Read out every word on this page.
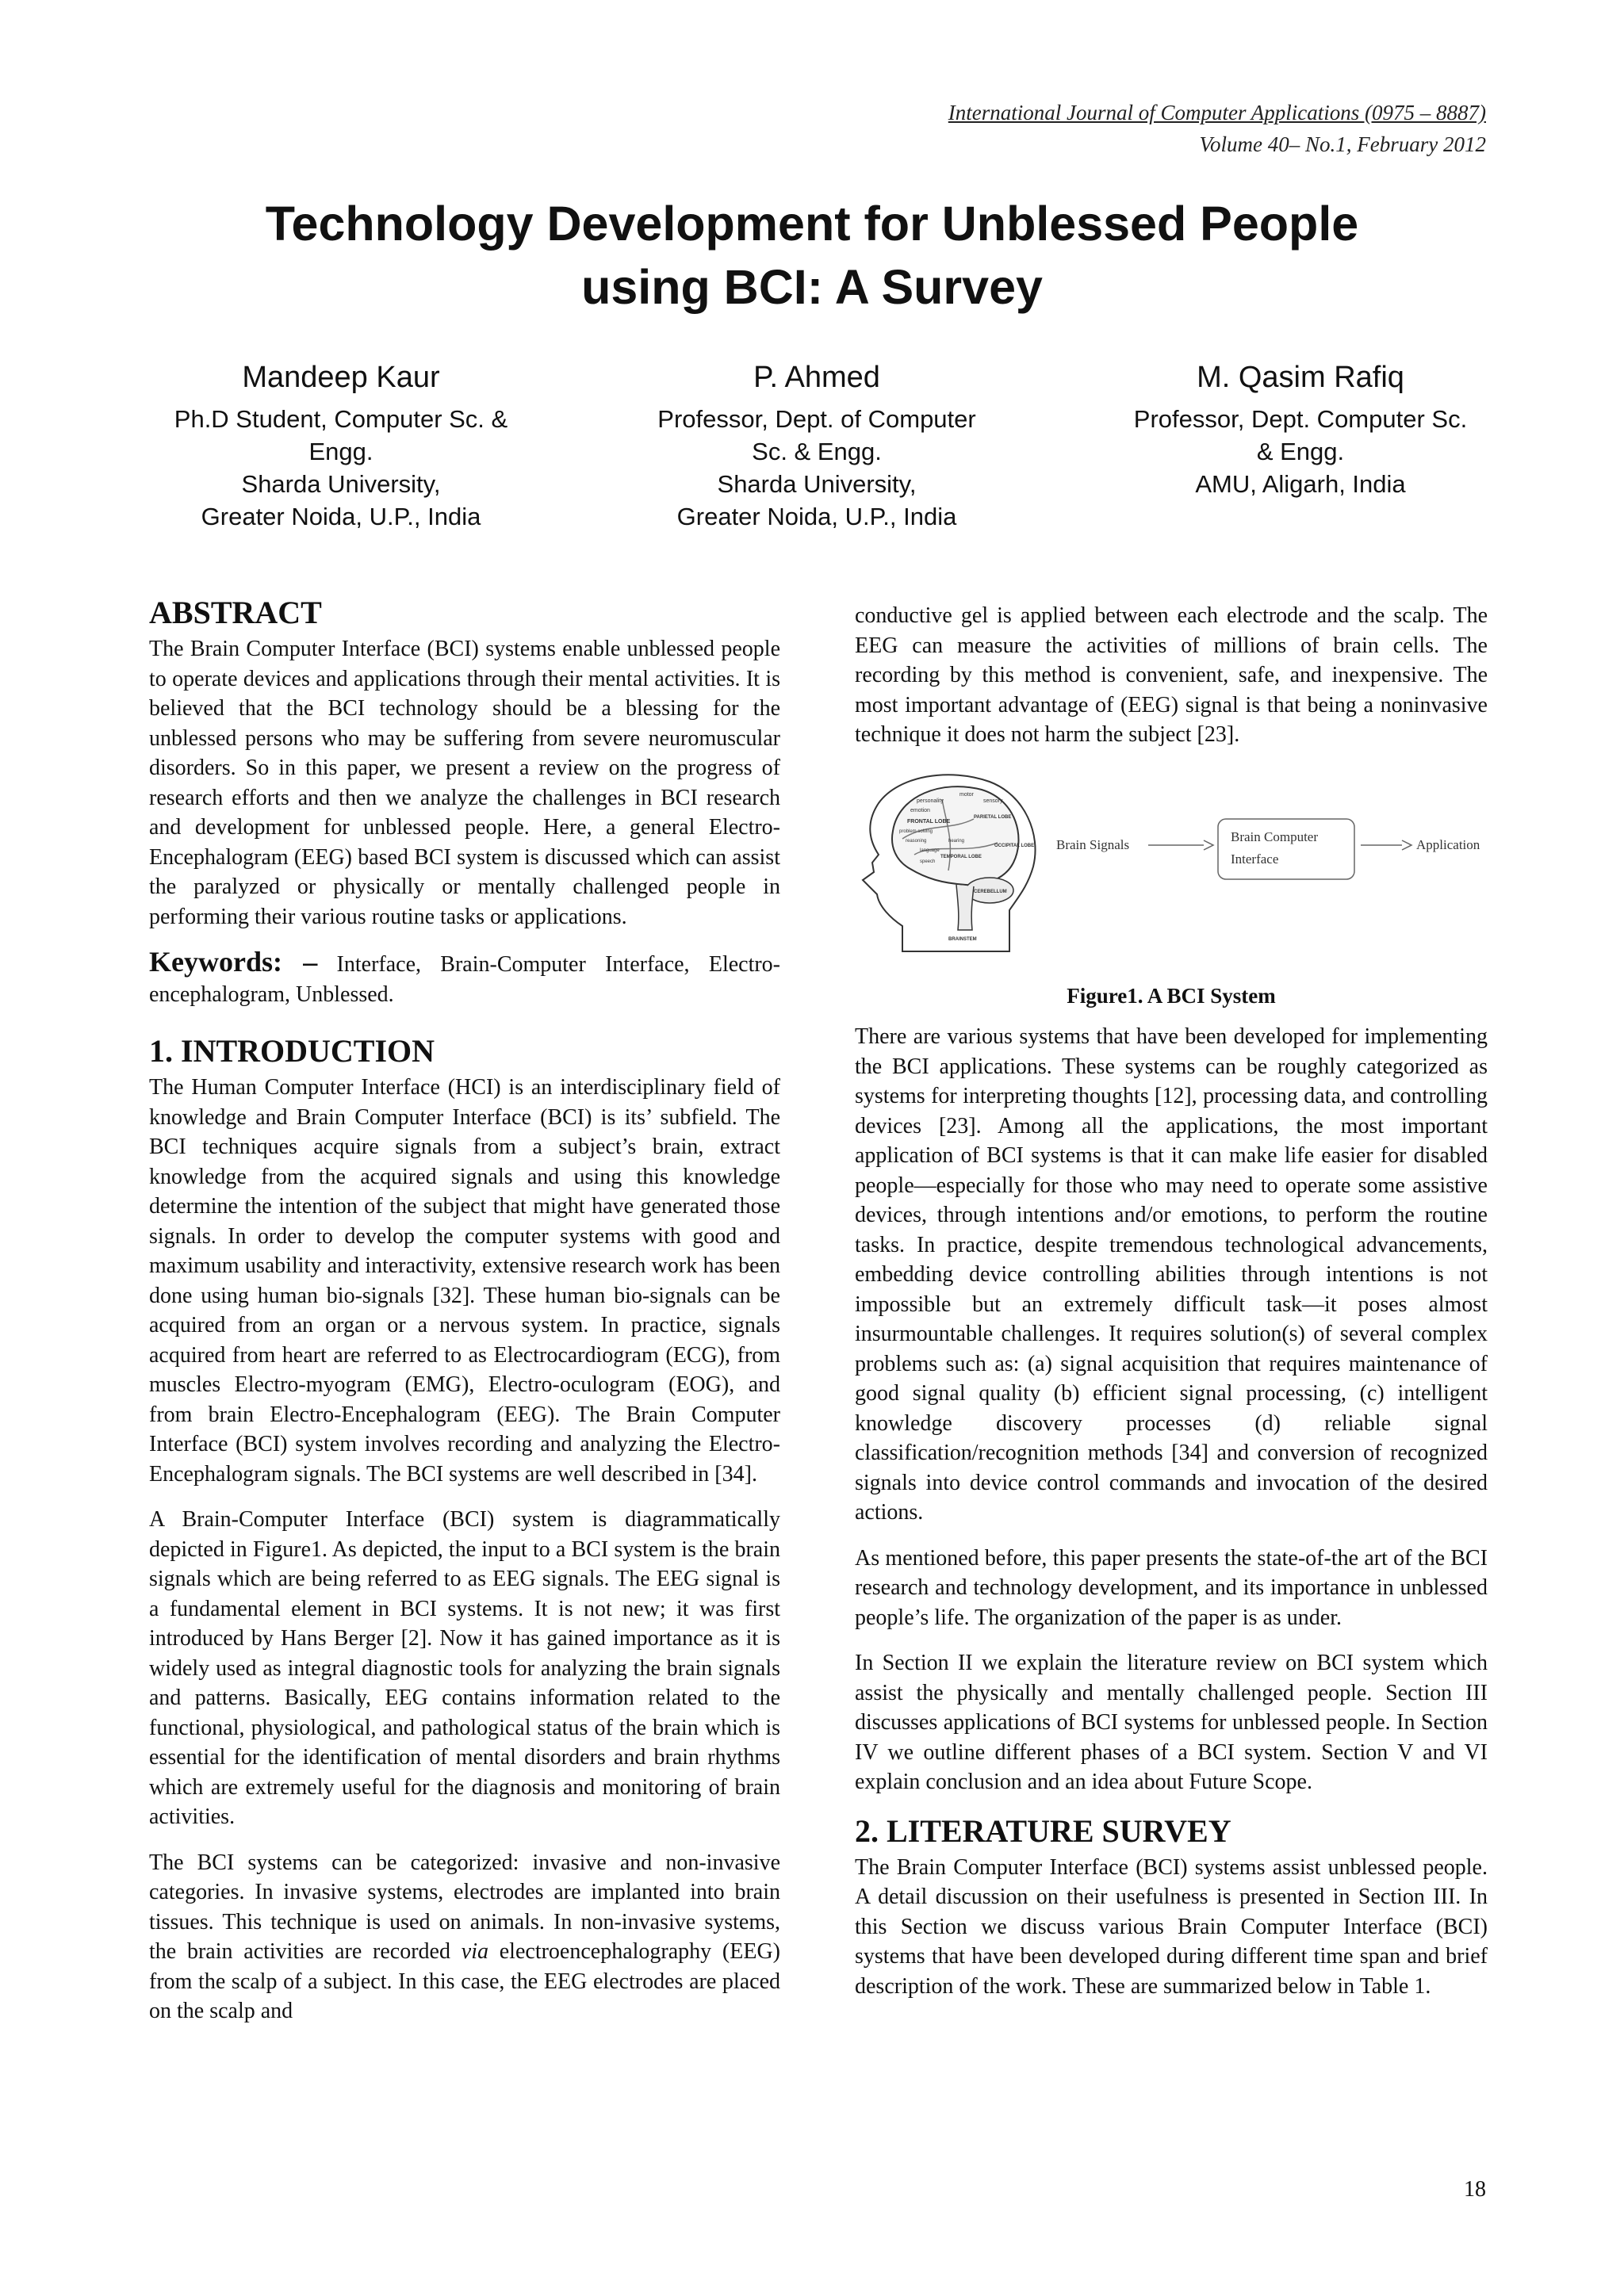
International Journal of Computer Applications (0975 – 8887)
Volume 40– No.1, February 2012
Technology Development for Unblessed People
using BCI: A Survey
Mandeep Kaur
Ph.D Student, Computer Sc. &
Engg.
Sharda University,
Greater Noida, U.P., India
P. Ahmed
Professor, Dept. of Computer
Sc. & Engg.
Sharda University,
Greater Noida, U.P., India
M. Qasim Rafiq
Professor, Dept. Computer Sc.
& Engg.
AMU, Aligarh, India
ABSTRACT

The Brain Computer Interface (BCI) systems enable unblessed people to operate devices and applications through their mental activities. It is believed that the BCI technology should be a blessing for the unblessed persons who may be suffering from severe neuromuscular disorders. So in this paper, we present a review on the progress of research efforts and then we analyze the challenges in BCI research and development for unblessed people. Here, a general Electro-Encephalogram (EEG) based BCI system is discussed which can assist the paralyzed or physically or mentally challenged people in performing their various routine tasks or applications.

Keywords: – Interface, Brain-Computer Interface, Electro-encephalogram, Unblessed.

1. INTRODUCTION

The Human Computer Interface (HCI) is an interdisciplinary field of knowledge and Brain Computer Interface (BCI) is its’ subfield. The BCI techniques acquire signals from a subject’s brain, extract knowledge from the acquired signals and using this knowledge determine the intention of the subject that might have generated those signals. In order to develop the computer systems with good and maximum usability and interactivity, extensive research work has been done using human bio-signals [32]. These human bio-signals can be acquired from an organ or a nervous system. In practice, signals acquired from heart are referred to as Electrocardiogram (ECG), from muscles Electro-myogram (EMG), Electro-oculogram (EOG), and from brain Electro-Encephalogram (EEG). The Brain Computer Interface (BCI) system involves recording and analyzing the Electro-Encephalogram signals. The BCI systems are well described in [34].

A Brain-Computer Interface (BCI) system is diagrammatically depicted in Figure1. As depicted, the input to a BCI system is the brain signals which are being referred to as EEG signals. The EEG signal is a fundamental element in BCI systems. It is not new; it was first introduced by Hans Berger [2]. Now it has gained importance as it is widely used as integral diagnostic tools for analyzing the brain signals and patterns. Basically, EEG contains information related to the functional, physiological, and pathological status of the brain which is essential for the identification of mental disorders and brain rhythms which are extremely useful for the diagnosis and monitoring of brain activities.

The BCI systems can be categorized: invasive and non-invasive categories. In invasive systems, electrodes are implanted into brain tissues. This technique is used on animals. In non-invasive systems, the brain activities are recorded via electroencephalography (EEG) from the scalp of a subject. In this case, the EEG electrodes are placed on the scalp and

conductive gel is applied between each electrode and the scalp. The EEG can measure the activities of millions of brain cells. The recording by this method is convenient, safe, and inexpensive. The most important advantage of (EEG) signal is that being a noninvasive technique it does not harm the subject [23].

personality
motor
sensory
emotion
PARIETAL LOBE
FRONTAL LOBE
problem solving
reasoning	hearing
language
OCCIPITAL LOBE
TEMPORAL LOBE
speech
CEREBELLUM
BRAINSTEM
Brain Signals
Brain Computer
Interface
Application
Figure1. A BCI System

There are various systems that have been developed for implementing the BCI applications. These systems can be roughly categorized as systems for interpreting thoughts [12], processing data, and controlling devices [23]. Among all the applications, the most important application of BCI systems is that it can make life easier for disabled people—especially for those who may need to operate some assistive devices, through intentions and/or emotions, to perform the routine tasks. In practice, despite tremendous technological advancements, embedding device controlling abilities through intentions is not impossible but an extremely difficult task—it poses almost insurmountable challenges. It requires solution(s) of several complex problems such as: (a) signal acquisition that requires maintenance of good signal quality (b) efficient signal processing, (c) intelligent knowledge discovery processes (d) reliable signal classification/recognition methods [34] and conversion of recognized signals into device control commands and invocation of the desired actions.

As mentioned before, this paper presents the state-of-the art of the BCI research and technology development, and its importance in unblessed people’s life. The organization of the paper is as under.

In Section II we explain the literature review on BCI system which assist the physically and mentally challenged people. Section III discusses applications of BCI systems for unblessed people. In Section IV we outline different phases of a BCI system. Section V and VI explain conclusion and an idea about Future Scope.

2. LITERATURE SURVEY

The Brain Computer Interface (BCI) systems assist unblessed people. A detail discussion on their usefulness is presented in Section III. In this Section we discuss various Brain Computer Interface (BCI) systems that have been developed during different time span and brief description of the work. These are summarized below in Table 1.

18
